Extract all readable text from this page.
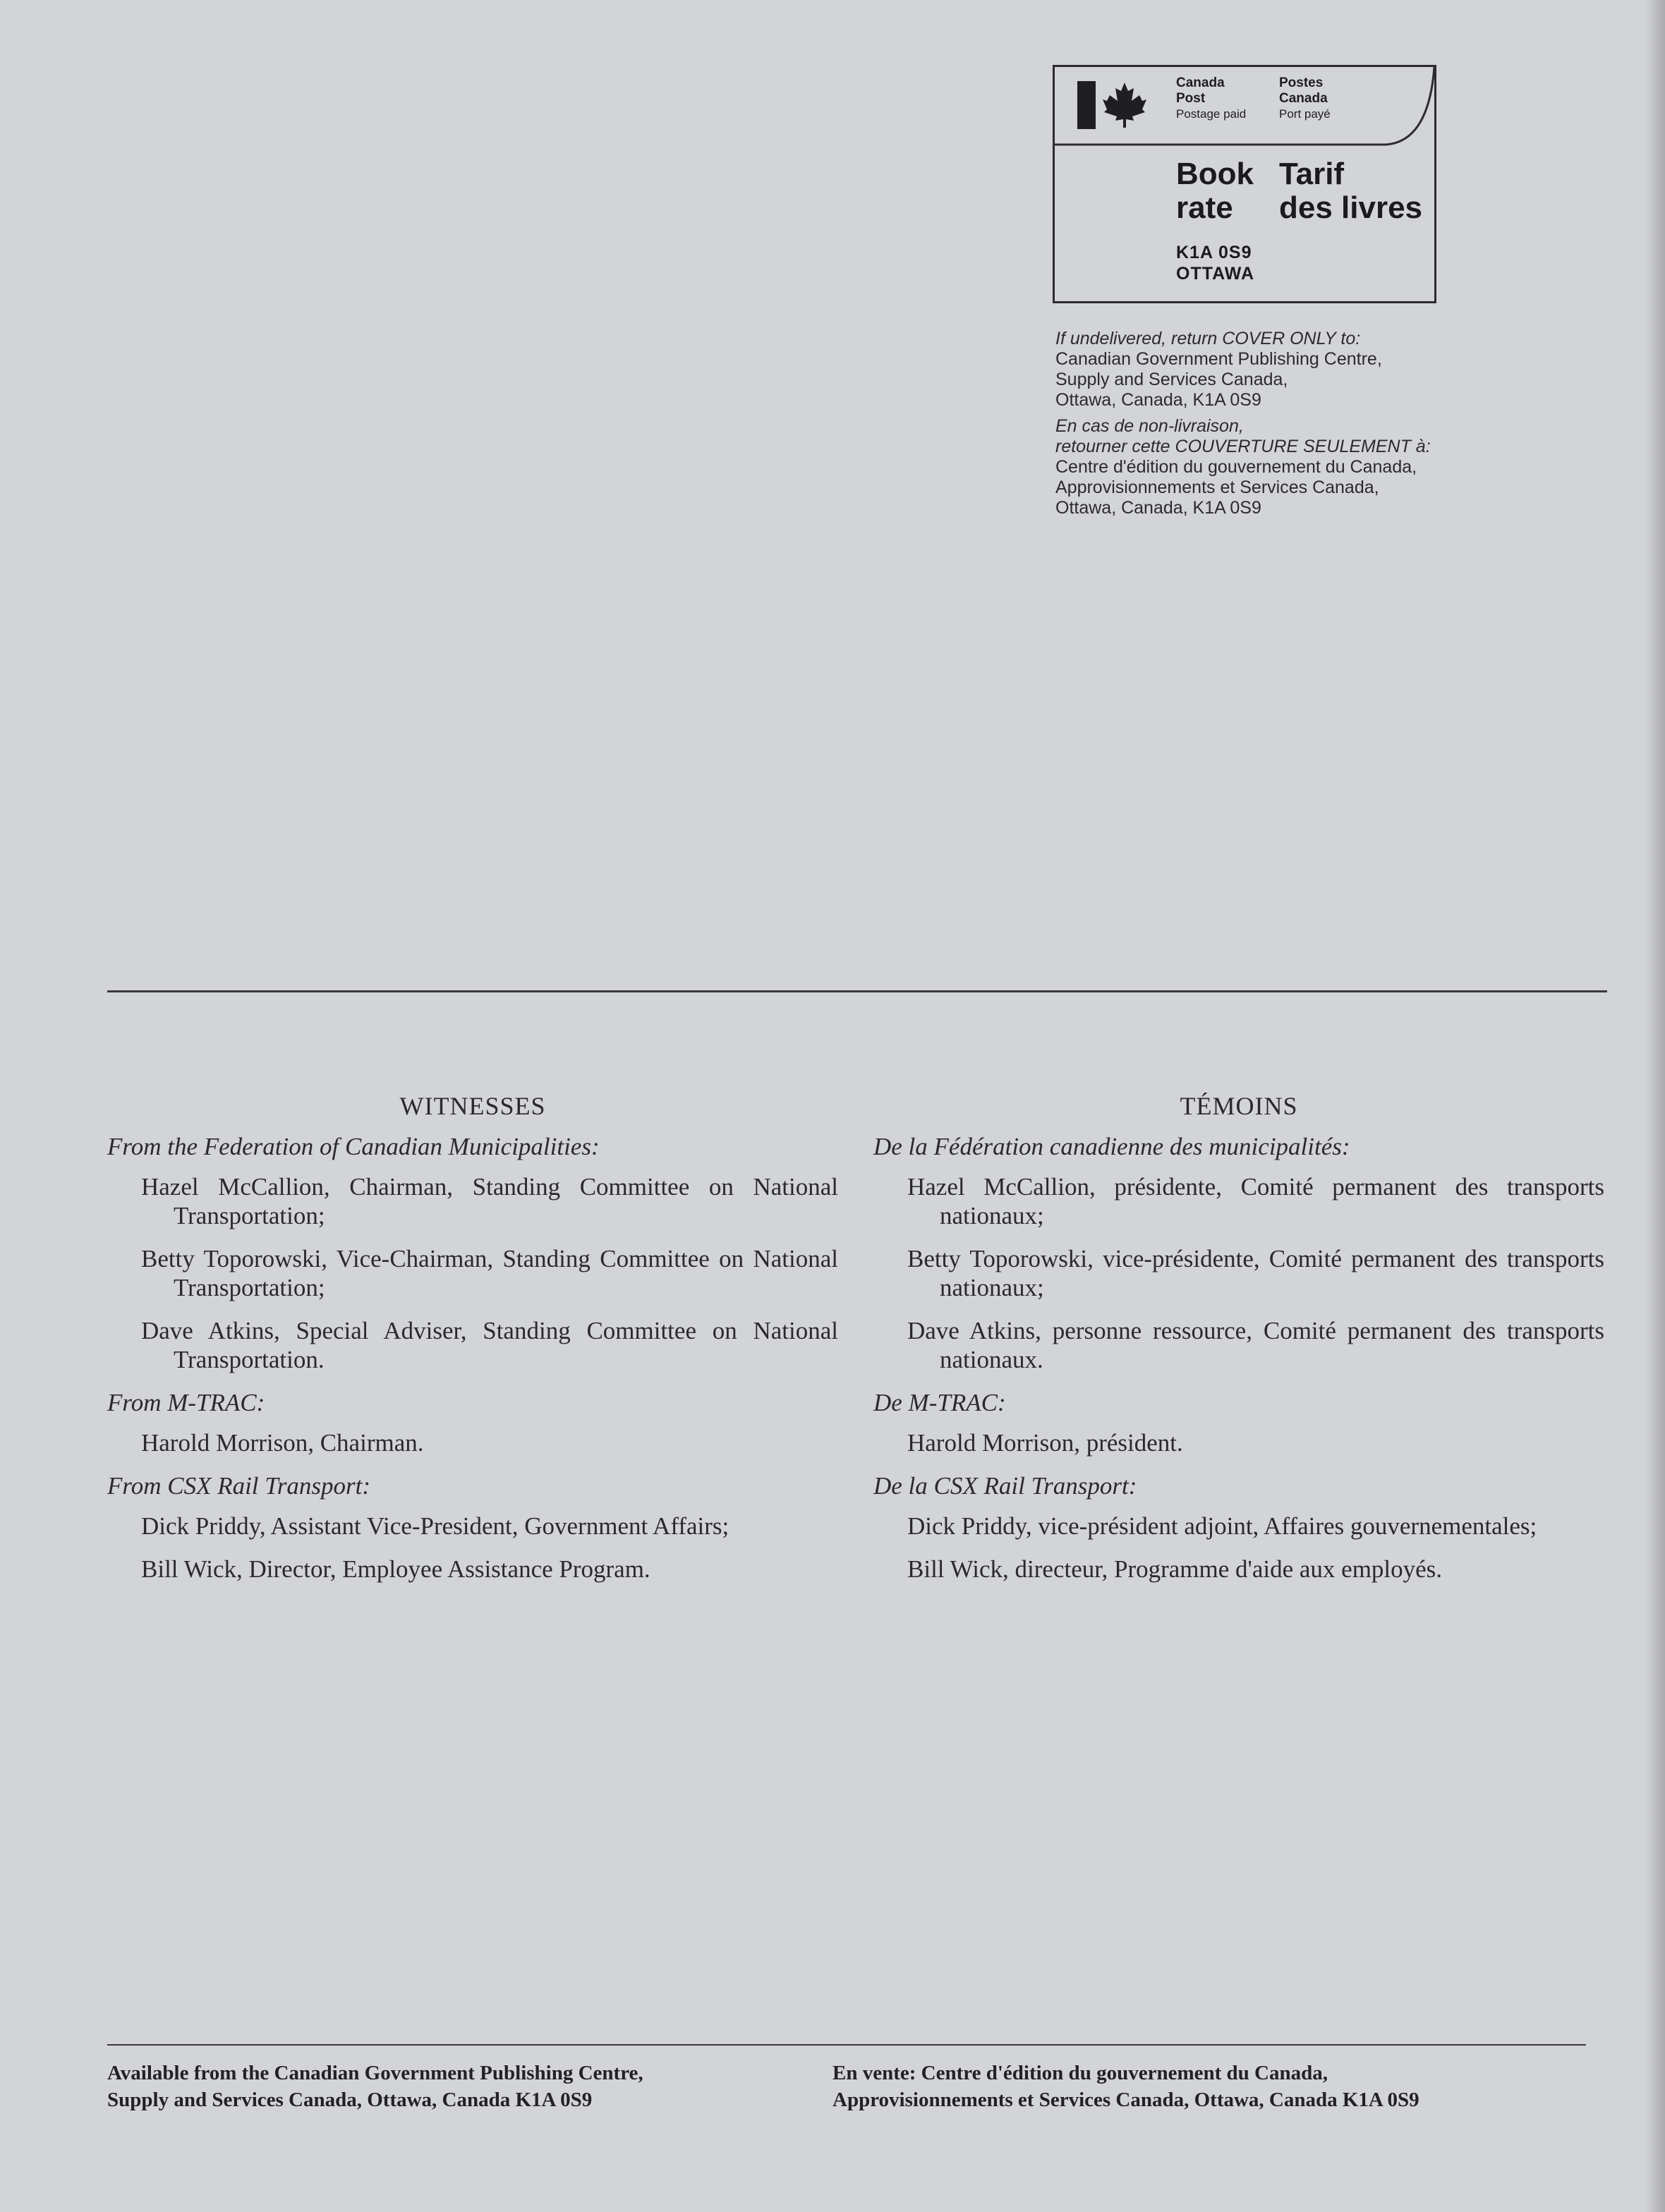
Canada
Post
Postage paid
Postes
Canada
Port payé
Book
rate
Tarif
des livres
K1A 0S9
OTTAWA

If undelivered, return COVER ONLY to:
Canadian Government Publishing Centre,
Supply and Services Canada,
Ottawa, Canada, K1A 0S9

En cas de non-livraison,
retourner cette COUVERTURE SEULEMENT à:
Centre d'édition du gouvernement du Canada,
Approvisionnements et Services Canada,
Ottawa, Canada, K1A 0S9

WITNESSES
From the Federation of Canadian Municipalities:
Hazel McCallion, Chairman, Standing Committee on National Transportation;
Betty Toporowski, Vice-Chairman, Standing Committee on National Transportation;
Dave Atkins, Special Adviser, Standing Committee on National Transportation.
From M-TRAC:
Harold Morrison, Chairman.
From CSX Rail Transport:
Dick Priddy, Assistant Vice-President, Government Affairs;
Bill Wick, Director, Employee Assistance Program.
TÉMOINS
De la Fédération canadienne des municipalités:
Hazel McCallion, présidente, Comité permanent des transports nationaux;
Betty Toporowski, vice-présidente, Comité permanent des transports nationaux;
Dave Atkins, personne ressource, Comité permanent des transports nationaux.
De M-TRAC:
Harold Morrison, président.
De la CSX Rail Transport:
Dick Priddy, vice-président adjoint, Affaires gouvernementales;
Bill Wick, directeur, Programme d'aide aux employés.
Available from the Canadian Government Publishing Centre,
Supply and Services Canada, Ottawa, Canada K1A 0S9
En vente: Centre d'édition du gouvernement du Canada,
Approvisionnements et Services Canada, Ottawa, Canada K1A 0S9
